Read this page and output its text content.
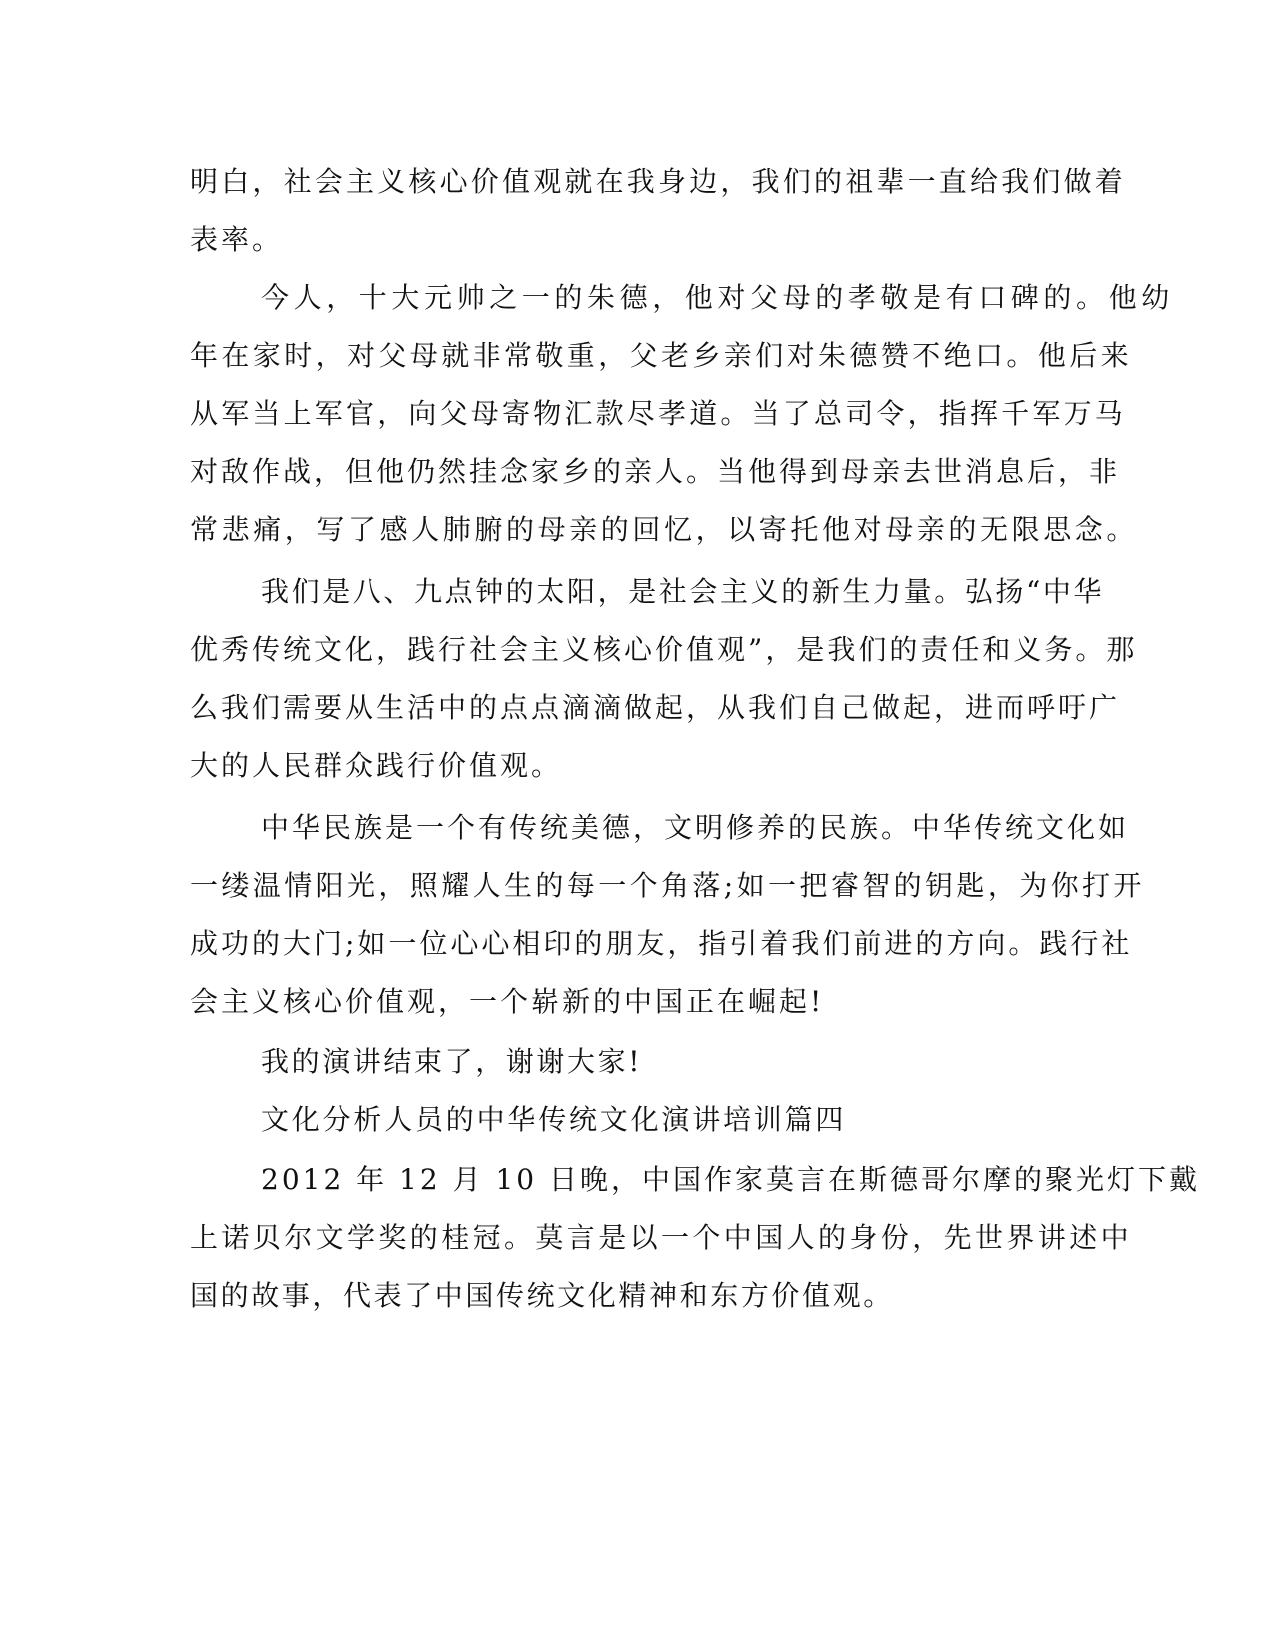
明白，社会主义核心价值观就在我身边，我们的祖辈一直给我们做着

表率。

今人，十大元帅之一的朱德，他对父母的孝敬是有口碑的。他幼

年在家时，对父母就非常敬重，父老乡亲们对朱德赞不绝口。他后来

从军当上军官，向父母寄物汇款尽孝道。当了总司令，指挥千军万马

对敌作战，但他仍然挂念家乡的亲人。当他得到母亲去世消息后，非

常悲痛，写了感人肺腑的母亲的回忆，以寄托他对母亲的无限思念。

我们是八、九点钟的太阳，是社会主义的新生力量。弘扬“中华

优秀传统文化，践行社会主义核心价值观”，是我们的责任和义务。那

么我们需要从生活中的点点滴滴做起，从我们自己做起，进而呼吁广

大的人民群众践行价值观。

中华民族是一个有传统美德，文明修养的民族。中华传统文化如

一缕温情阳光，照耀人生的每一个角落;如一把睿智的钥匙，为你打开

成功的大门;如一位心心相印的朋友，指引着我们前进的方向。践行社

会主义核心价值观，一个崭新的中国正在崛起!

我的演讲结束了，谢谢大家!

文化分析人员的中华传统文化演讲培训篇四

2012 年 12 月 10 日晚，中国作家莫言在斯德哥尔摩的聚光灯下戴

上诺贝尔文学奖的桂冠。莫言是以一个中国人的身份，先世界讲述中

国的故事，代表了中国传统文化精神和东方价值观。
